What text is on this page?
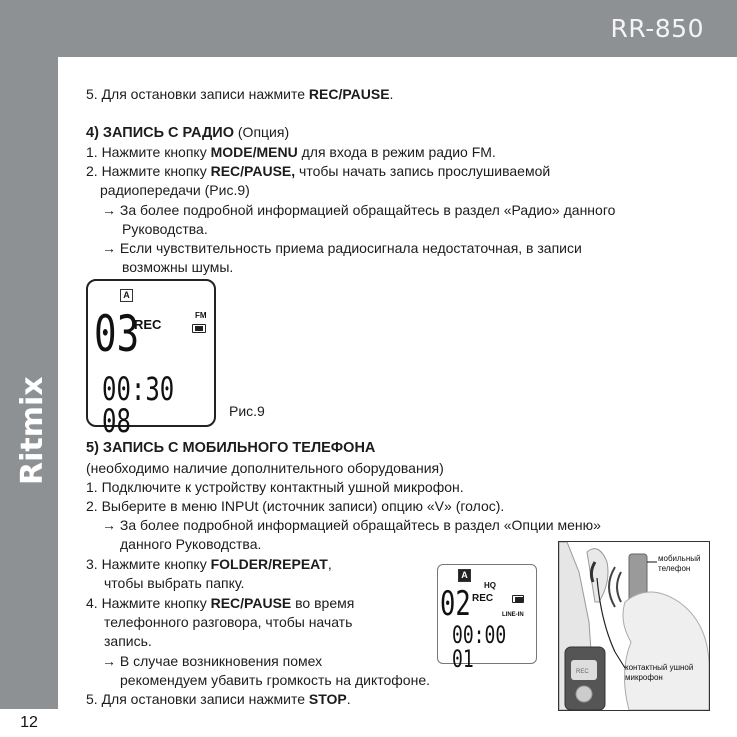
RR-850
Ritmix
12
5. Для остановки записи нажмите REC/PAUSE.
4) ЗАПИСЬ С РАДИО (Опция)
1. Нажмите кнопку MODE/MENU для входа в режим радио FM.
2. Нажмите кнопку REC/PAUSE, чтобы начать запись прослушиваемой
радиопередачи (Рис.9)
→ За более подробной информацией обращайтесь в раздел «Радио» данного
Руководства.
→ Если чувствительность приема радиосигнала недостаточная, в записи
возможны шумы.
A
FM
03
REC
00:30 08	Рис.9
5) ЗАПИСЬ С МОБИЛЬНОГО ТЕЛЕФОНА
(необходимо наличие дополнительного оборудования)
1. Подключите к устройству контактный ушной микрофон.
2. Выберите в меню INPUt (источник записи) опцию «V» (голос).
→ За более подробной информацией обращайтесь в раздел «Опции меню»
данного Руководства.
3. Нажмите кнопку FOLDER/REPEAT,
чтобы выбрать папку.
4. Нажмите кнопку REC/PAUSE во время
телефонного разговора, чтобы начать
запись.
→ В случае возникновения помех
рекомендуем убавить громкость на диктофоне.
5. Для остановки записи нажмите STOP.
A
HQ
02 REC
LINE-IN
00:00 01	REC
мобильный
телефон
контактный ушной
микрофон
